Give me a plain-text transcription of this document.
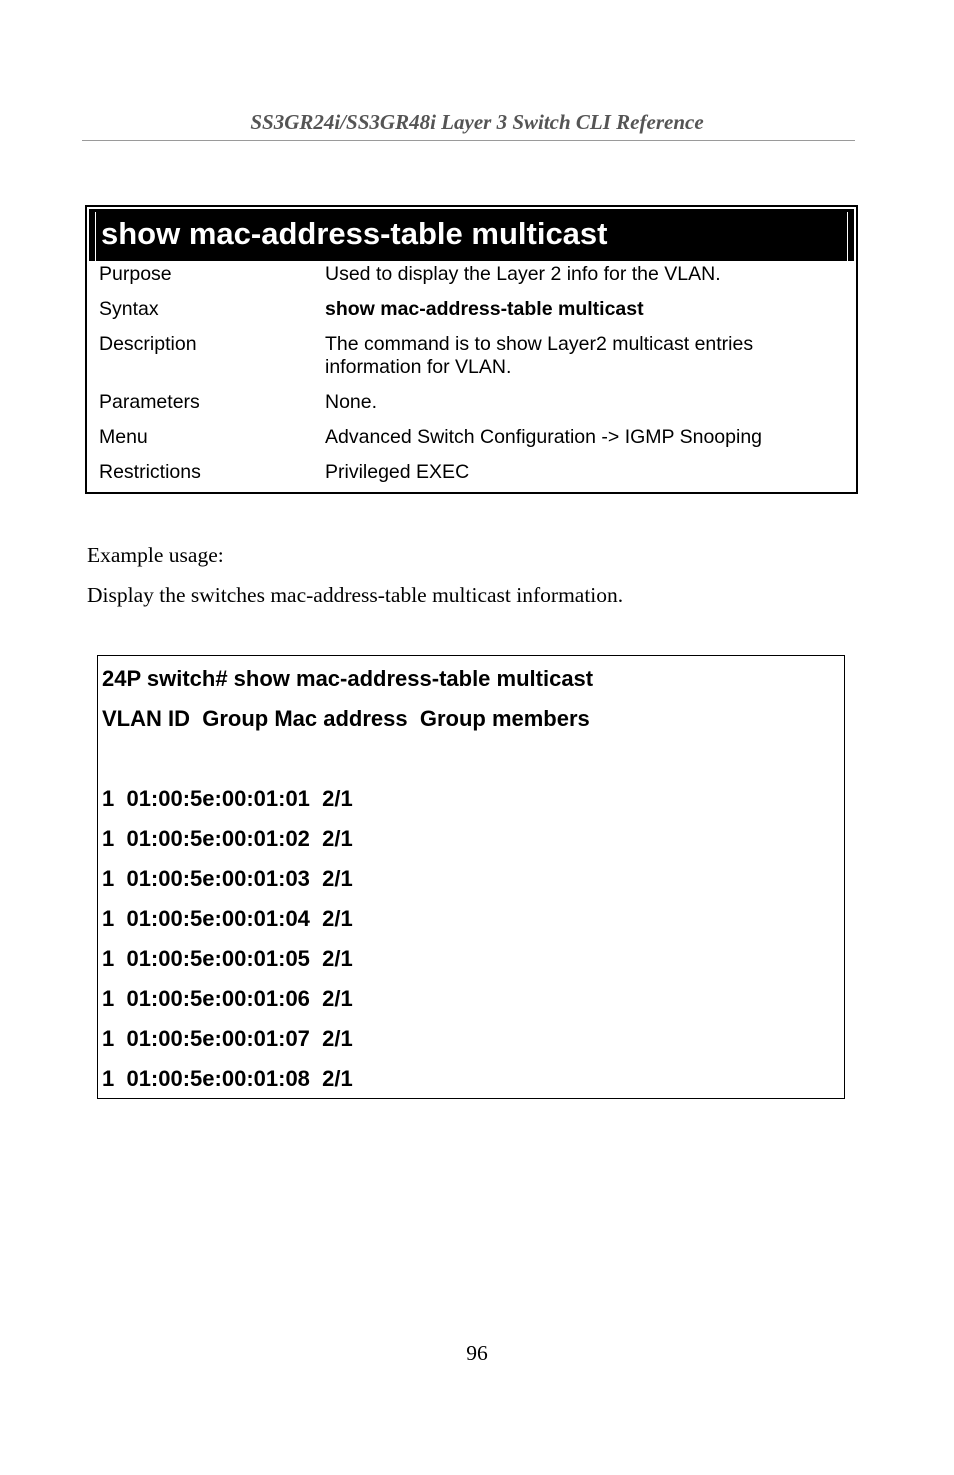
SS3GR24i/SS3GR48i Layer 3 Switch CLI Reference

show mac-address-table multicast
Purpose	Used to display the Layer 2 info for the VLAN.
Syntax	show mac-address-table multicast
Description	The command is to show Layer2 multicast entries information for VLAN.
Parameters	None.
Menu	Advanced Switch Configuration -> IGMP Snooping
Restrictions	Privileged EXEC

Example usage:

Display the switches mac-address-table multicast information.

24P switch# show mac-address-table multicast
VLAN ID  Group Mac address  Group members
1  01:00:5e:00:01:01  2/1
1  01:00:5e:00:01:02  2/1
1  01:00:5e:00:01:03  2/1
1  01:00:5e:00:01:04  2/1
1  01:00:5e:00:01:05  2/1
1  01:00:5e:00:01:06  2/1
1  01:00:5e:00:01:07  2/1
1  01:00:5e:00:01:08  2/1

96
